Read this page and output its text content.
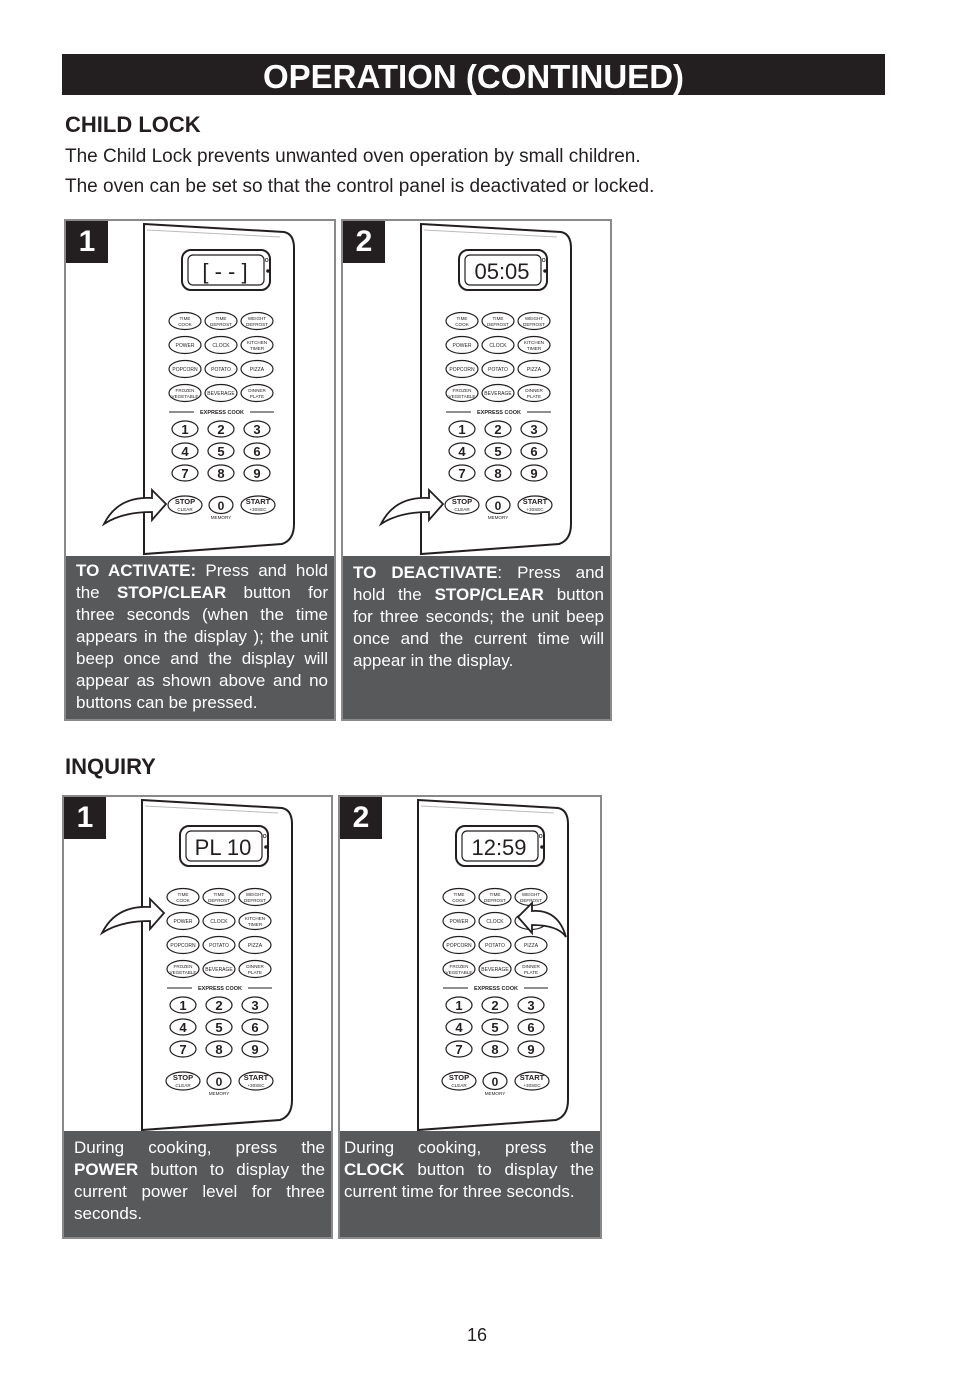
OPERATION (CONTINUED)
CHILD LOCK
The Child Lock prevents unwanted oven operation by small children.
The oven can be set so that the control panel is deactivated or locked.
[ - - ]	Oz
TIME
COOK
TIME
DEFROST
WEIGHT
DEFROST
POWER	CLOCK
KITCHEN
TIMER
POPCORN	POTATO	PIZZA
FROZEN
VEGETABLE BEVERAGE
DINNER
PLATE
EXPRESS COOK
1 2 3
4 5 6
7 8 9
STOP
CLEAR 0
MEMORY
START
+30SEC
1
TO ACTIVATE: Press and hold the STOP/CLEAR button for three seconds (when the time appears in the display ); the unit beep once and the display will appear as shown above and no buttons can be pressed.
05:05 Oz
TIME
COOK
TIME
DEFROST
WEIGHT
DEFROST
POWER	CLOCK
KITCHEN
TIMER
POPCORN	POTATO	PIZZA
FROZEN
VEGETABLE BEVERAGE
DINNER
PLATE
EXPRESS COOK
1 2 3
4 5 6
7 8 9
STOP
CLEAR 0
MEMORY
START
+30SEC
2
TO DEACTIVATE: Press and hold the STOP/CLEAR button for three seconds; the unit beep once and the current time will appear in the display.
INQUIRY
PL 10 Oz
TIME
COOK
TIME
DEFROST
WEIGHT
DEFROST
POWER	CLOCK
KITCHEN
TIMER
POPCORN	POTATO	PIZZA
FROZEN
VEGETABLE BEVERAGE
DINNER
PLATE
EXPRESS COOK
1 2 3
4 5 6
7 8 9
STOP
CLEAR 0
MEMORY
START
+30SEC
1
During cooking, press the POWER button to display the current power level for three seconds.
12:59 Oz
TIME
COOK
TIME
DEFROST
WEIGHT
DEFROST
POWER	CLOCK
POPCORN	POTATO	PIZZA
FROZEN
VEGETABLE BEVERAGE
DINNER
PLATE
EXPRESS COOK
1 2 3
4 5 6
7 8 9
STOP
CLEAR 0
MEMORY
START
+30SEC
2
During cooking, press the CLOCK button to display the current time for three seconds.
16
